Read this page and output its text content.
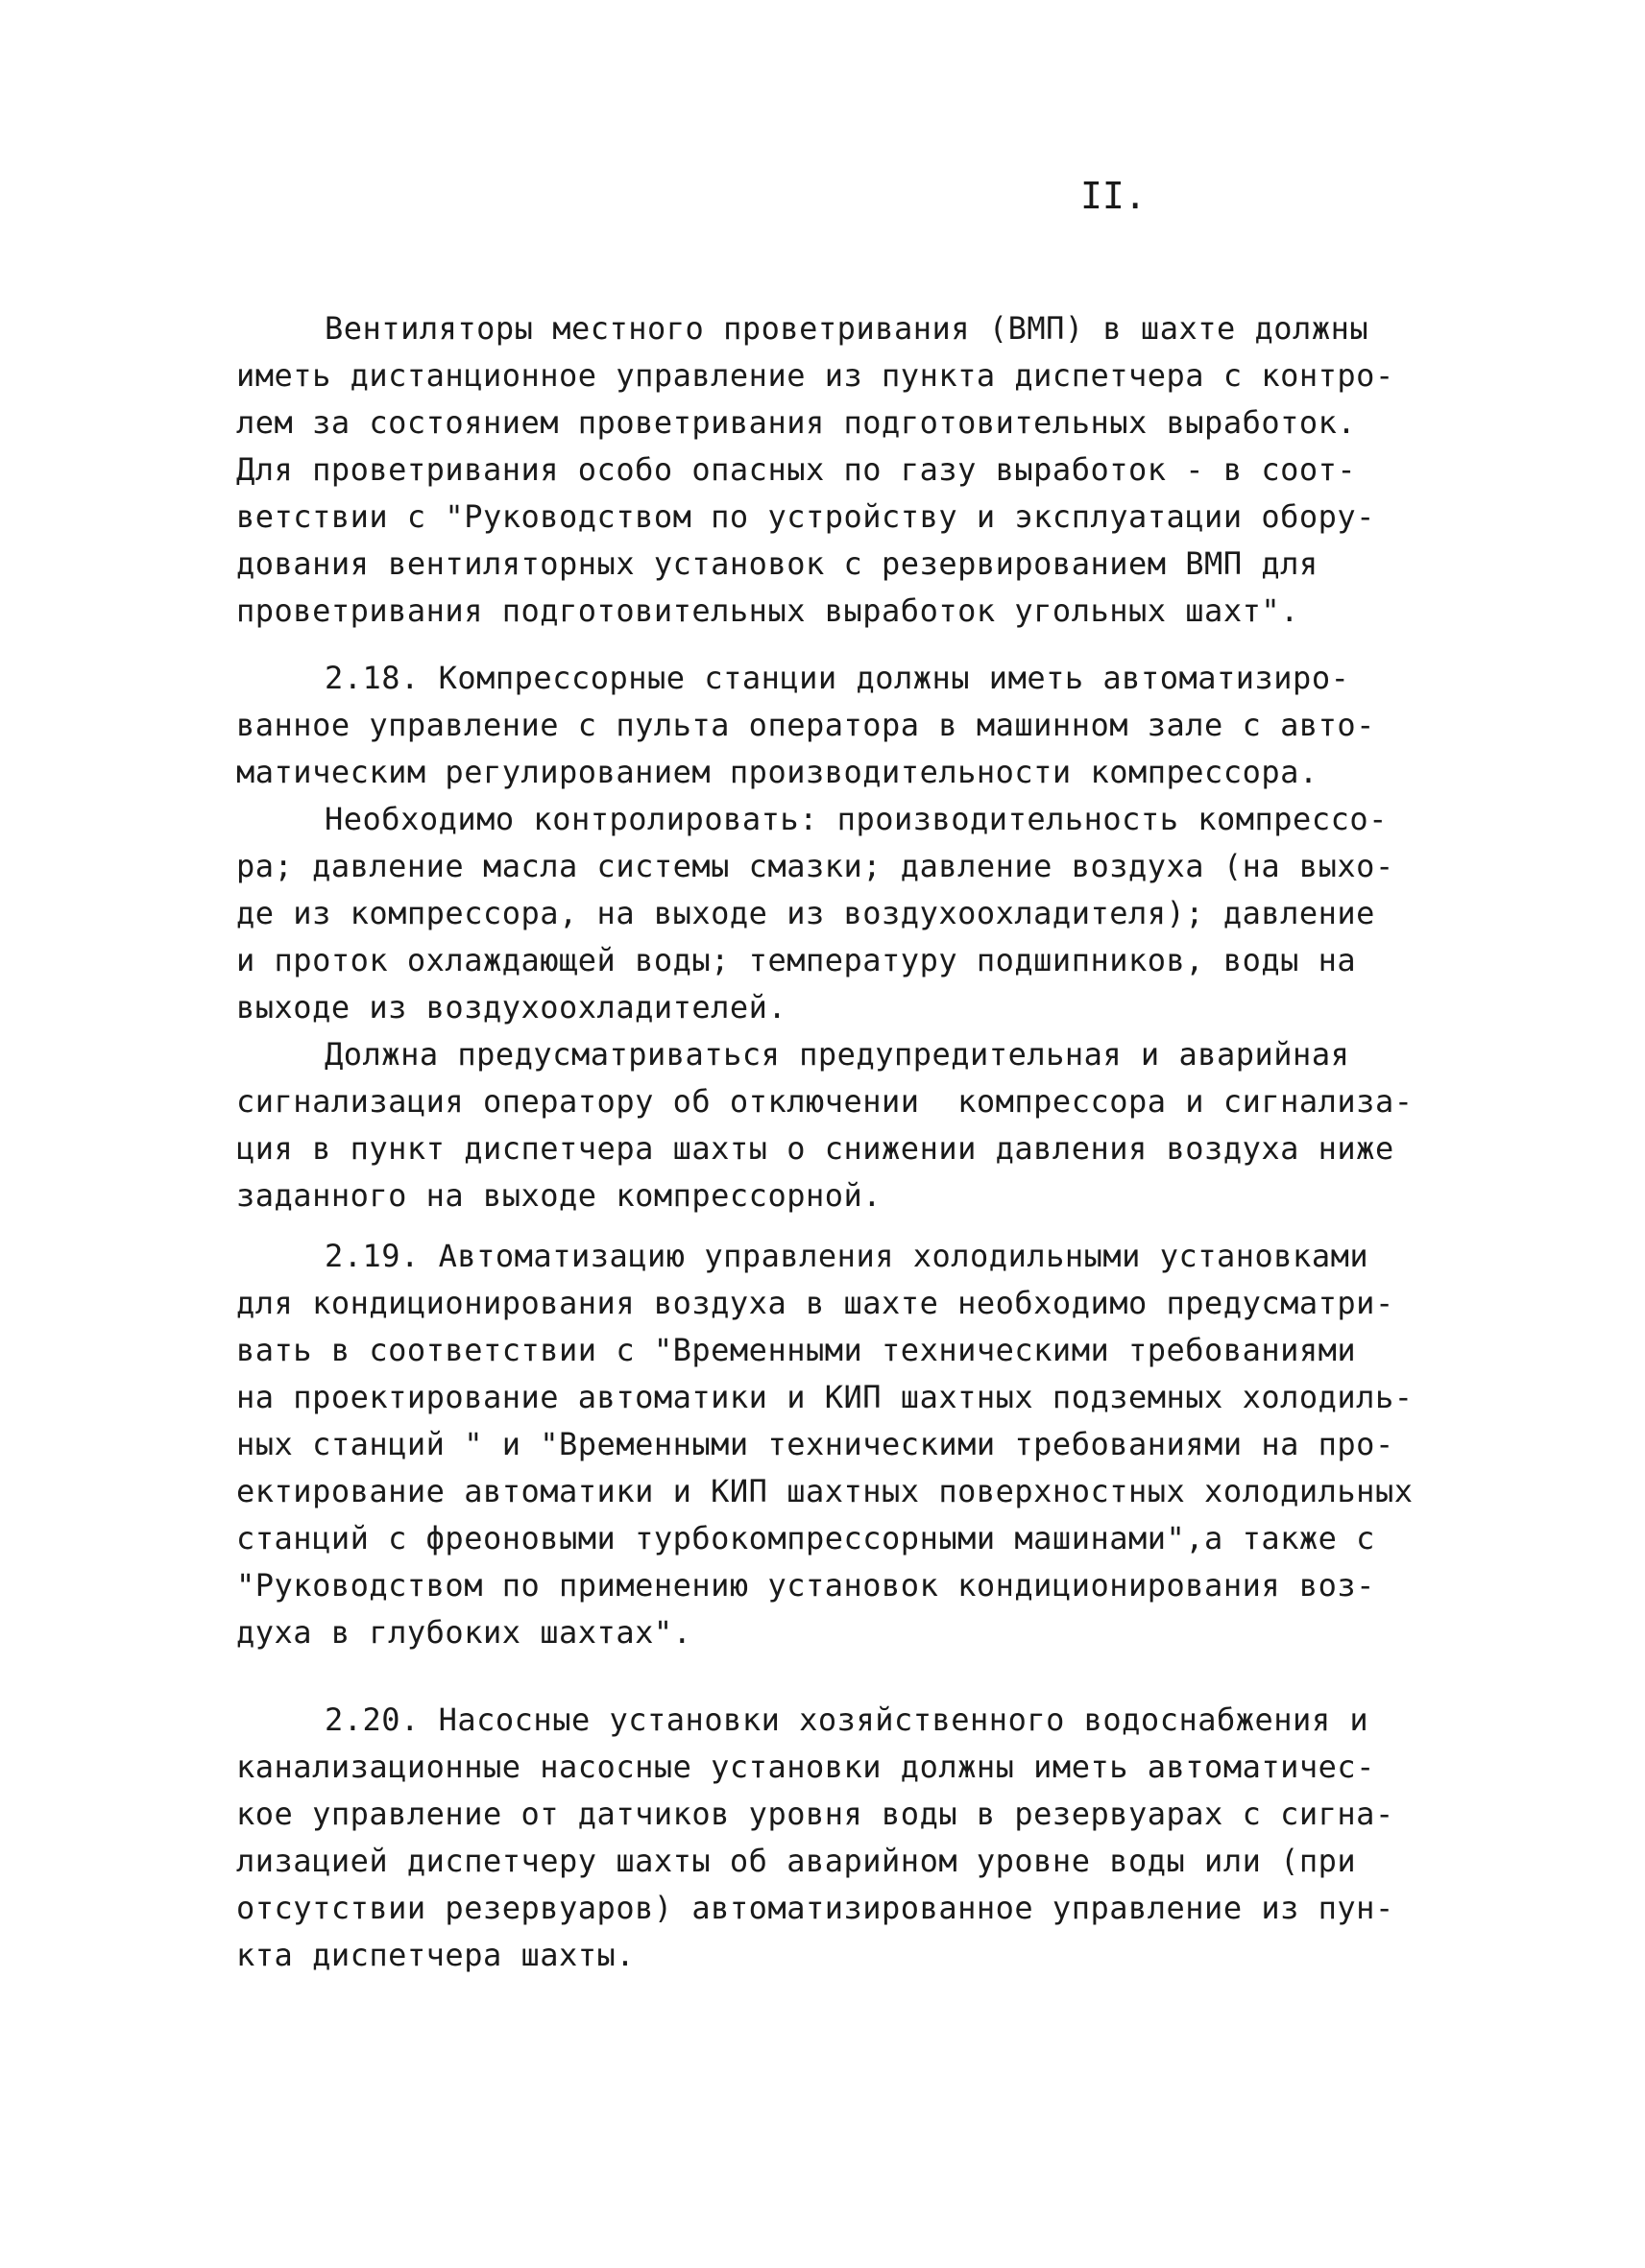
II.
Вентиляторы местного проветривания (ВМП) в шахте должны
иметь дистанционное управление из пункта диспетчера с контро-
лем за состоянием проветривания подготовительных выработок.
Для проветривания особо опасных по газу выработок - в соот-
ветствии с "Руководством по устройству и эксплуатации обору-
дования вентиляторных установок с резервированием ВМП для
проветривания подготовительных выработок угольных шахт".
2.18. Компрессорные станции должны иметь автоматизиро-
ванное управление с пульта оператора в машинном зале с авто-
матическим регулированием производительности компрессора.
Необходимо контролировать: производительность компрессо-
ра; давление масла системы смазки; давление воздуха (на выхо-
де из компрессора, на выходе из воздухоохладителя); давление
и проток охлаждающей воды; температуру подшипников, воды на
выходе из воздухоохладителей.
Должна предусматриваться предупредительная и аварийная
сигнализация оператору об отключении  компрессора и сигнализа-
ция в пункт диспетчера шахты о снижении давления воздуха ниже
заданного на выходе компрессорной.
2.19. Автоматизацию управления холодильными установками
для кондиционирования воздуха в шахте необходимо предусматри-
вать в соответствии с "Временными техническими требованиями
на проектирование автоматики и КИП шахтных подземных холодиль-
ных станций " и "Временными техническими требованиями на про-
ектирование автоматики и КИП шахтных поверхностных холодильных
станций с фреоновыми турбокомпрессорными машинами",а также с
"Руководством по применению установок кондиционирования воз-
духа в глубоких шахтах".
2.20. Насосные установки хозяйственного водоснабжения и
канализационные насосные установки должны иметь автоматичес-
кое управление от датчиков уровня воды в резервуарах с сигна-
лизацией диспетчеру шахты об аварийном уровне воды или (при
отсутствии резервуаров) автоматизированное управление из пун-
кта диспетчера шахты.
